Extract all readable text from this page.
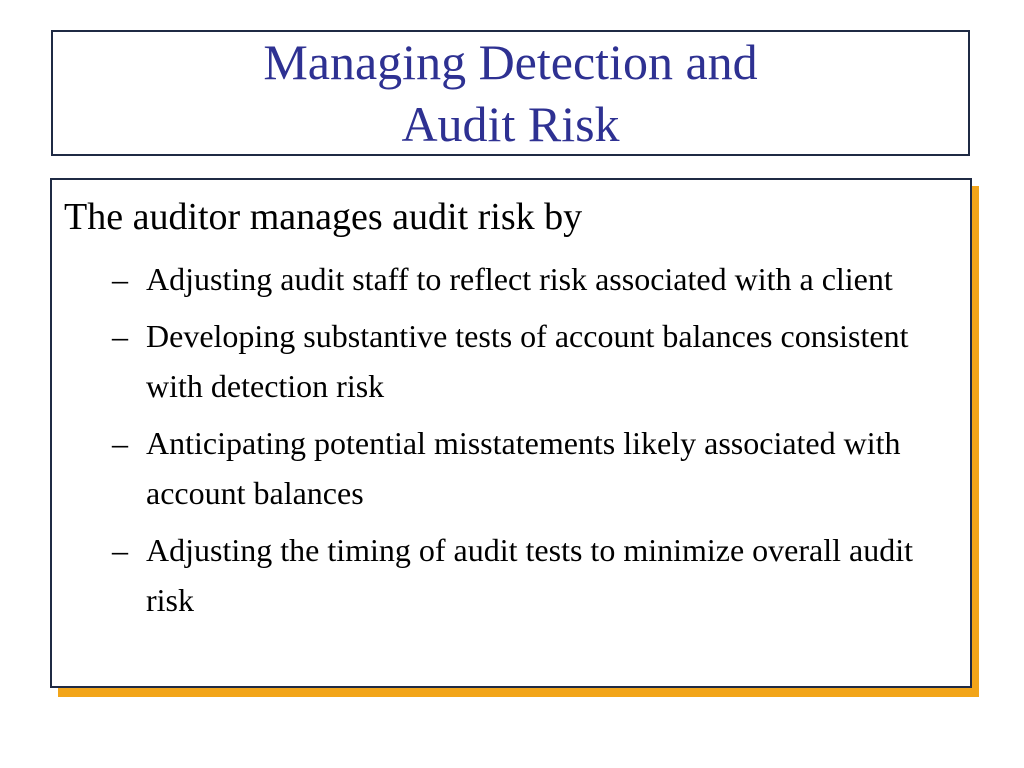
Managing Detection and
Audit Risk
The auditor manages audit risk by
– Adjusting audit staff to reflect risk associated with a client
– Developing substantive tests of account balances consistent with detection risk
– Anticipating potential misstatements likely associated with account balances
– Adjusting the timing of audit tests to minimize overall audit risk
